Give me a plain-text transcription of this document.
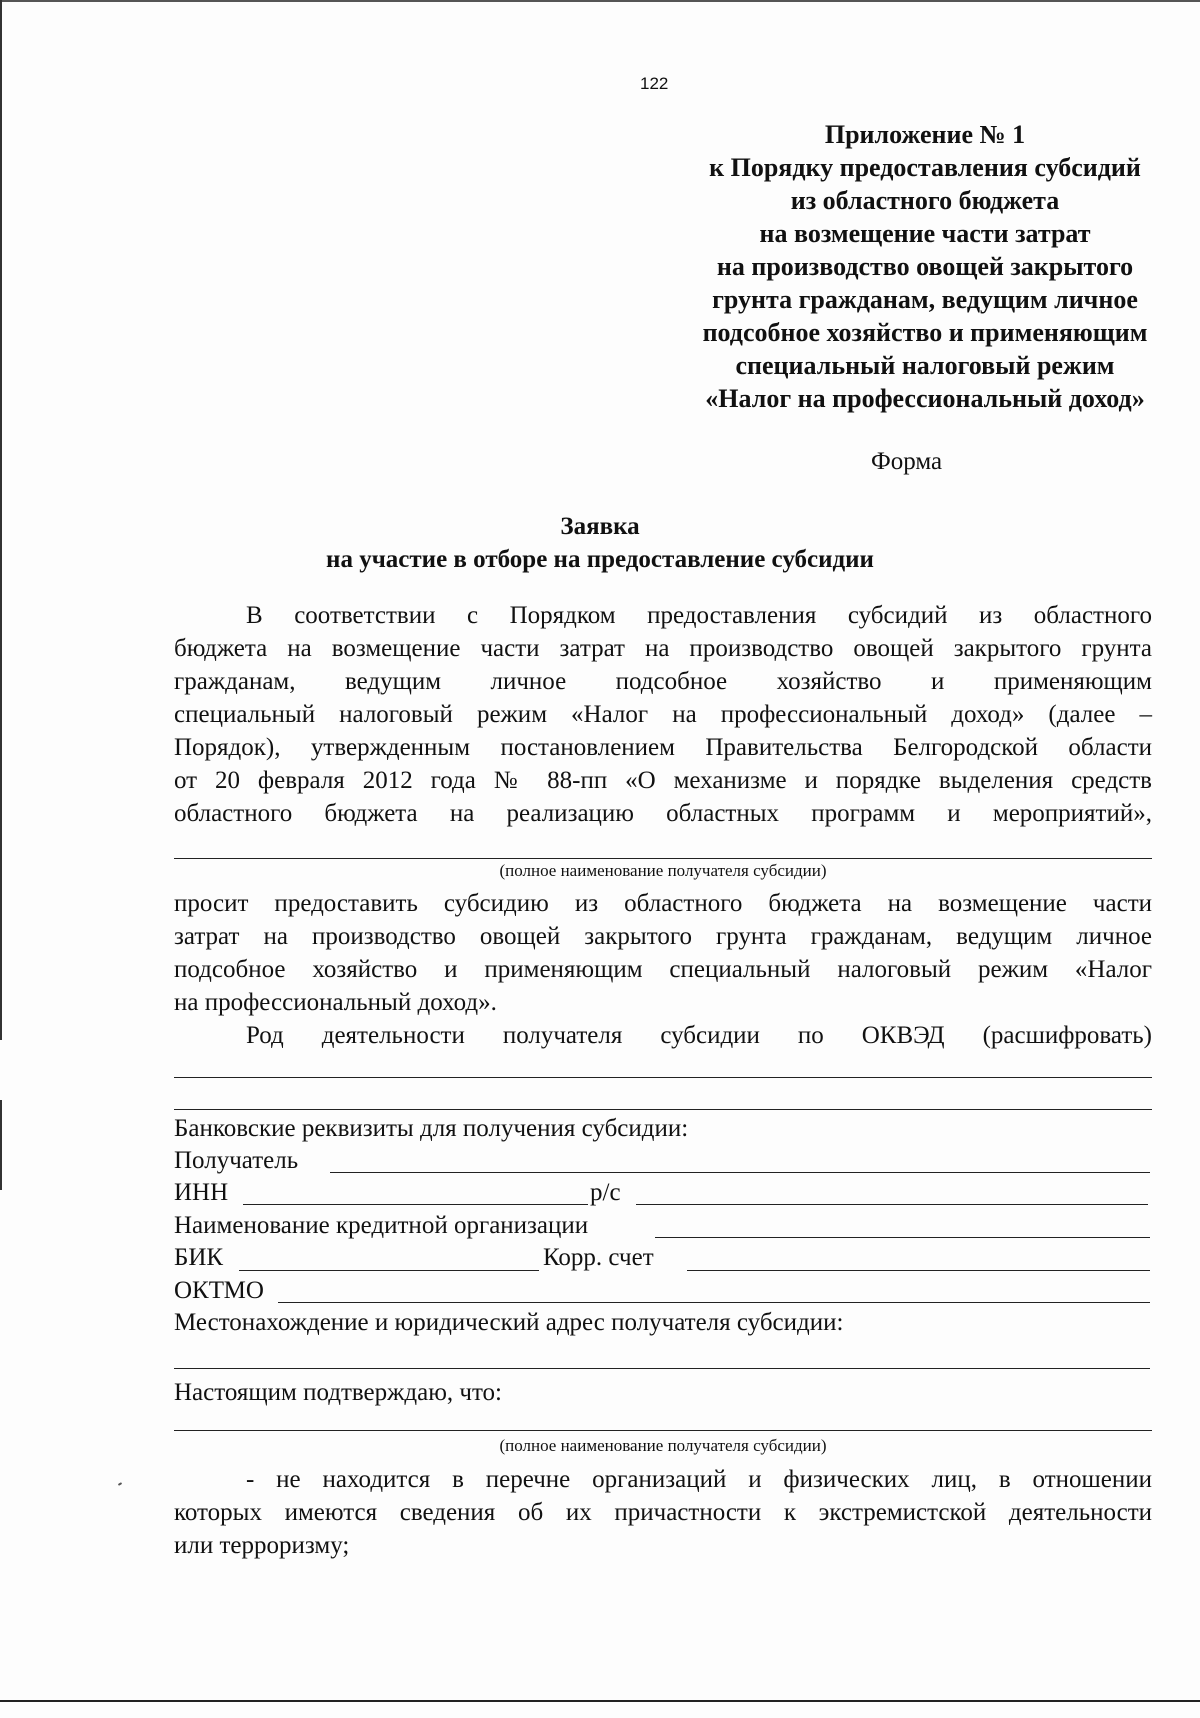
122
Приложение № 1
к Порядку предоставления субсидий
из областного бюджета
на возмещение части затрат
на производство овощей закрытого
грунта гражданам, ведущим личное
подсобное хозяйство и применяющим
специальный налоговый режим
«Налог на профессиональный доход»
Форма
Заявка
на участие в отборе на предоставление субсидии
В соответствии с Порядком предоставления субсидий из областного
бюджета на возмещение части затрат на производство овощей закрытого грунта
гражданам, ведущим личное подсобное хозяйство и применяющим
специальный налоговый режим «Налог на профессиональный доход» (далее –
Порядок), утвержденным постановлением Правительства Белгородской области
от 20 февраля 2012 года № 88-пп «О механизме и порядке выделения средств
областного бюджета на реализацию областных программ и мероприятий»,
(полное наименование получателя субсидии)
просит предоставить субсидию из областного бюджета на возмещение части
затрат на производство овощей закрытого грунта гражданам, ведущим личное
подсобное хозяйство и применяющим специальный налоговый режим «Налог
на профессиональный доход».
Род деятельности получателя субсидии по ОКВЭД (расшифровать)
Банковские реквизиты для получения субсидии:
Получатель
ИНН	р/с
Наименование кредитной организации
БИК	Корр. счет
ОКТМО
Местонахождение и юридический адрес получателя субсидии:
Настоящим подтверждаю, что:
(полное наименование получателя субсидии)
- не находится в перечне организаций и физических лиц, в отношении
которых имеются сведения об их причастности к экстремистской деятельности
или терроризму;
